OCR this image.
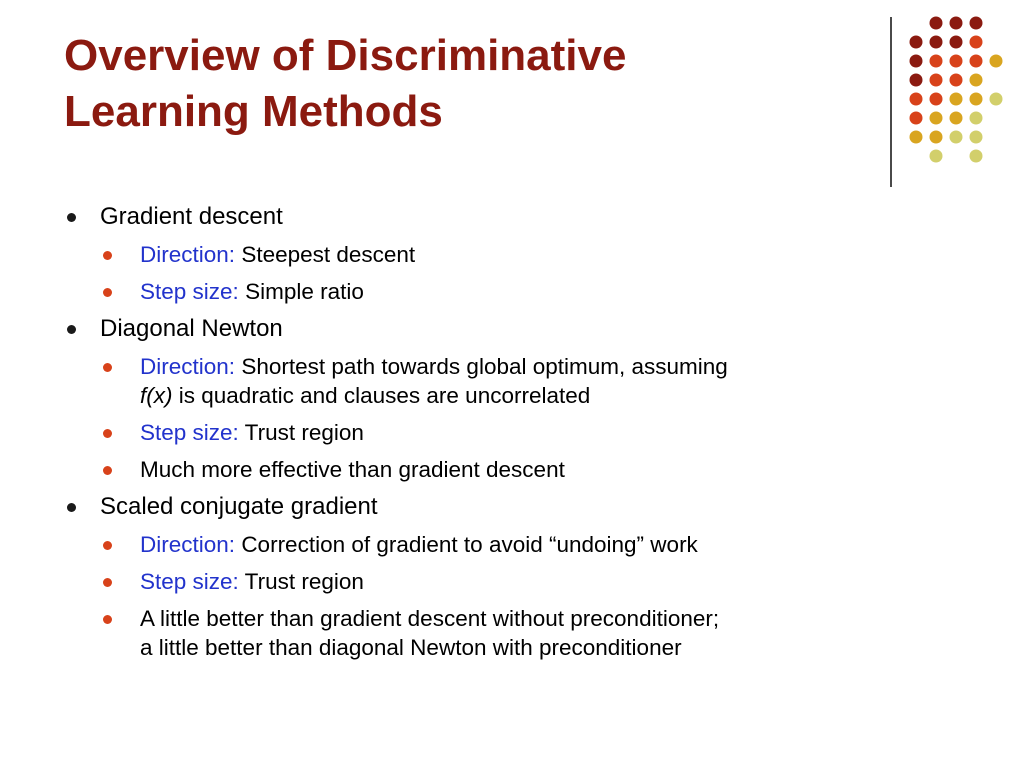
Overview of Discriminative
Learning Methods
Gradient descent
Direction: Steepest descent
Step size: Simple ratio
Diagonal Newton
Direction: Shortest path towards global optimum, assuming
f(x) is quadratic and clauses are uncorrelated
Step size: Trust region
Much more effective than gradient descent
Scaled conjugate gradient
Direction: Correction of gradient to avoid “undoing” work
Step size: Trust region
A little better than gradient descent without preconditioner;
a little better than diagonal Newton with preconditioner
